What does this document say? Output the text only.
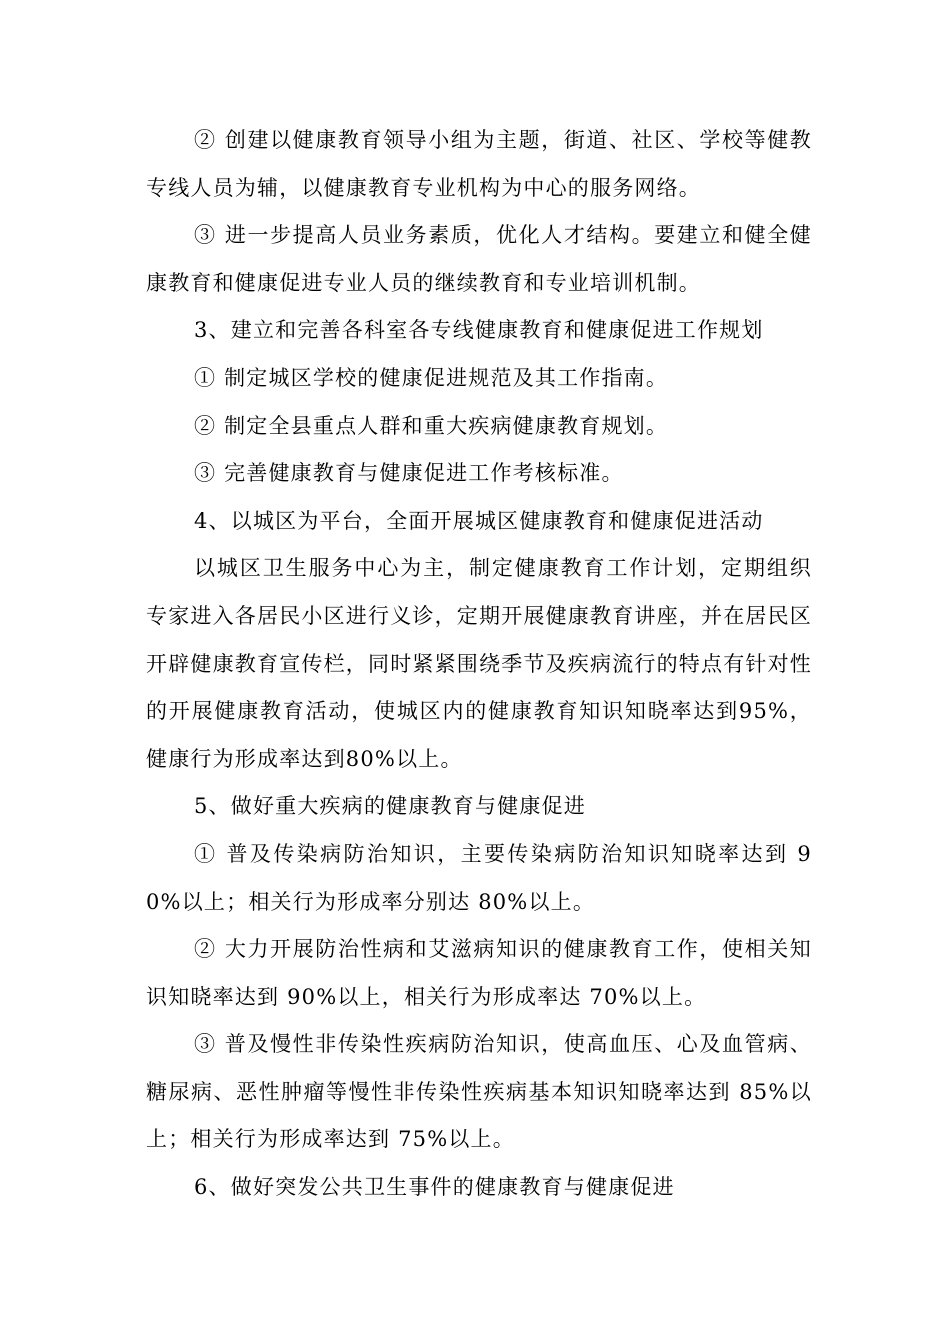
② 创建以健康教育领导小组为主题，街道、社区、学校等健教专线人员为辅，以健康教育专业机构为中心的服务网络。

③ 进一步提高人员业务素质，优化人才结构。要建立和健全健康教育和健康促进专业人员的继续教育和专业培训机制。

3、建立和完善各科室各专线健康教育和健康促进工作规划

① 制定城区学校的健康促进规范及其工作指南。

② 制定全县重点人群和重大疾病健康教育规划。

③ 完善健康教育与健康促进工作考核标准。

4、以城区为平台，全面开展城区健康教育和健康促进活动

以城区卫生服务中心为主，制定健康教育工作计划，定期组织专家进入各居民小区进行义诊，定期开展健康教育讲座，并在居民区开辟健康教育宣传栏，同时紧紧围绕季节及疾病流行的特点有针对性的开展健康教育活动，使城区内的健康教育知识知晓率达到95%，健康行为形成率达到80%以上。

5、做好重大疾病的健康教育与健康促进

① 普及传染病防治知识，主要传染病防治知识知晓率达到 90%以上；相关行为形成率分别达 80%以上。

② 大力开展防治性病和艾滋病知识的健康教育工作，使相关知识知晓率达到 90%以上，相关行为形成率达 70%以上。

③ 普及慢性非传染性疾病防治知识，使高血压、心及血管病、糖尿病、恶性肿瘤等慢性非传染性疾病基本知识知晓率达到 85%以上；相关行为形成率达到 75%以上。

6、做好突发公共卫生事件的健康教育与健康促进
